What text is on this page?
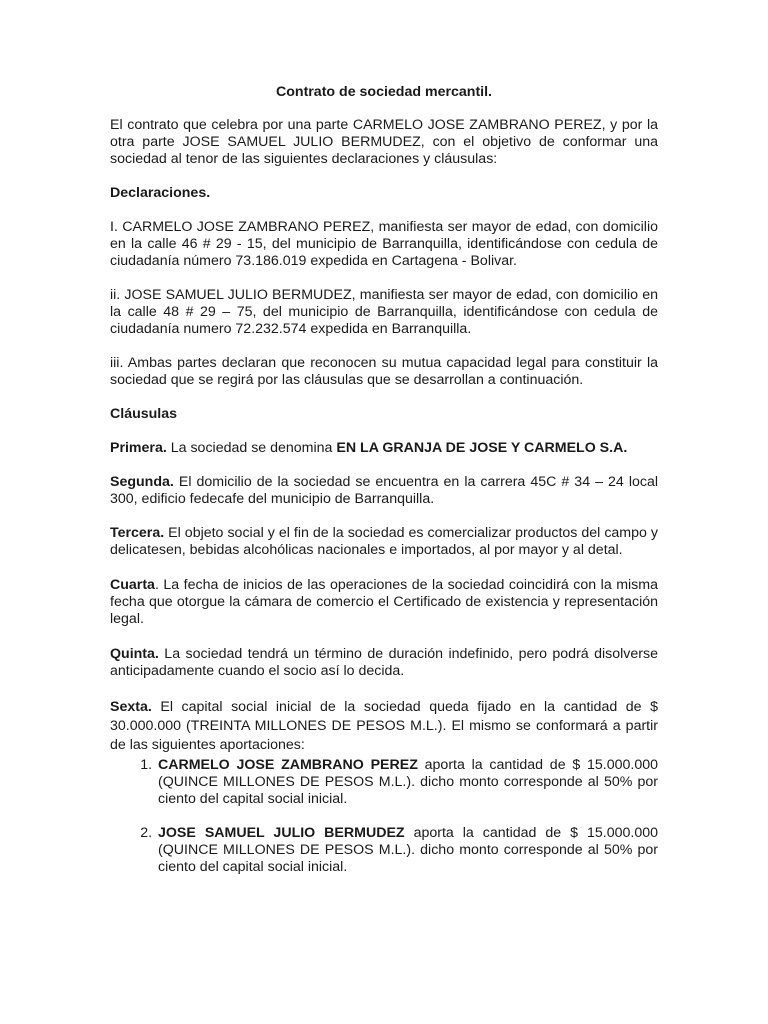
Contrato de sociedad mercantil.

El contrato que celebra por una parte CARMELO JOSE ZAMBRANO PEREZ, y por la otra parte JOSE SAMUEL JULIO BERMUDEZ, con el objetivo de conformar una sociedad al tenor de las siguientes declaraciones y cláusulas:

Declaraciones.

I. CARMELO JOSE ZAMBRANO PEREZ, manifiesta ser mayor de edad, con domicilio en la calle 46 # 29 - 15, del municipio de Barranquilla, identificándose con cedula de ciudadanía número 73.186.019 expedida en Cartagena - Bolivar.

ii. JOSE SAMUEL JULIO BERMUDEZ, manifiesta ser mayor de edad, con domicilio en la calle 48 # 29 – 75, del municipio de Barranquilla, identificándose con cedula de ciudadanía numero 72.232.574 expedida en Barranquilla.

iii. Ambas partes declaran que reconocen su mutua capacidad legal para constituir la sociedad que se regirá por las cláusulas que se desarrollan a continuación.

Cláusulas

Primera. La sociedad se denomina EN LA GRANJA DE JOSE Y CARMELO S.A.

Segunda. El domicilio de la sociedad se encuentra en la carrera 45C # 34 – 24 local 300, edificio fedecafe del municipio de Barranquilla.

Tercera. El objeto social y el fin de la sociedad es comercializar productos del campo y delicatesen, bebidas alcohólicas nacionales e importados, al por mayor y al detal.

Cuarta. La fecha de inicios de las operaciones de la sociedad coincidirá con la misma fecha que otorgue la cámara de comercio el Certificado de existencia y representación legal.

Quinta. La sociedad tendrá un término de duración indefinido, pero podrá disolverse anticipadamente cuando el socio así lo decida.

Sexta. El capital social inicial de la sociedad queda fijado en la cantidad de $ 30.000.000 (TREINTA MILLONES DE PESOS M.L.). El mismo se conformará a partir de las siguientes aportaciones:

1. CARMELO JOSE ZAMBRANO PEREZ aporta la cantidad de $ 15.000.000 (QUINCE MILLONES DE PESOS M.L.). dicho monto corresponde al 50% por ciento del capital social inicial.
2. JOSE SAMUEL JULIO BERMUDEZ aporta la cantidad de $ 15.000.000 (QUINCE MILLONES DE PESOS M.L.). dicho monto corresponde al 50% por ciento del capital social inicial.
